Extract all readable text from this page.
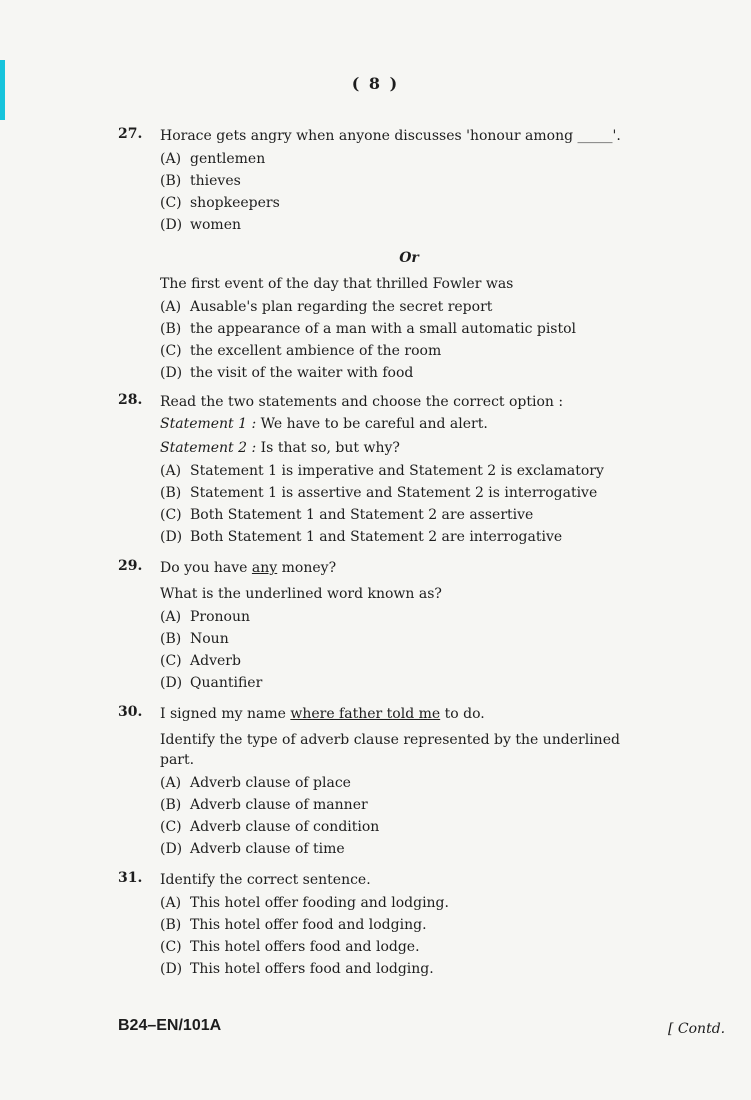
( 8 )
27.	Horace gets angry when anyone discusses 'honour among _____'.
(A) gentlemen
(B) thieves
(C) shopkeepers
(D) women
Or
The first event of the day that thrilled Fowler was
(A) Ausable's plan regarding the secret report
(B) the appearance of a man with a small automatic pistol
(C) the excellent ambience of the room
(D) the visit of the waiter with food
28.	Read the two statements and choose the correct option :
Statement 1 : We have to be careful and alert.
Statement 2 : Is that so, but why?
(A) Statement 1 is imperative and Statement 2 is exclamatory
(B) Statement 1 is assertive and Statement 2 is interrogative
(C) Both Statement 1 and Statement 2 are assertive
(D) Both Statement 1 and Statement 2 are interrogative
29.	Do you have any money?
What is the underlined word known as?
(A) Pronoun
(B) Noun
(C) Adverb
(D) Quantifier
30.	I signed my name where father told me to do.
Identify the type of adverb clause represented by the underlined part.
(A) Adverb clause of place
(B) Adverb clause of manner
(C) Adverb clause of condition
(D) Adverb clause of time
31.	Identify the correct sentence.
(A) This hotel offer fooding and lodging.
(B) This hotel offer food and lodging.
(C) This hotel offers food and lodge.
(D) This hotel offers food and lodging.
B24–EN/101A	[ Contd.
